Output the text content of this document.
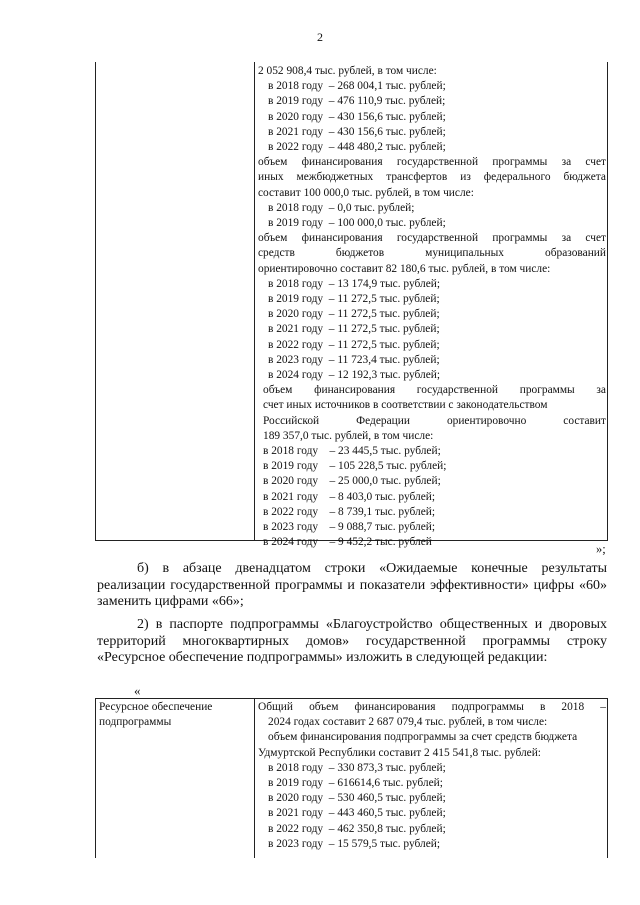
2
2 052 908,4 тыс. рублей, в том числе:
в 2018 году  – 268 004,1 тыс. рублей;
в 2019 году  – 476 110,9 тыс. рублей;
в 2020 году  – 430 156,6 тыс. рублей;
в 2021 году  – 430 156,6 тыс. рублей;
в 2022 году  – 448 480,2 тыс. рублей;
объем финансирования государственной программы за счет
иных межбюджетных трансфертов из федерального бюджета
составит 100 000,0 тыс. рублей, в том числе:
в 2018 году  – 0,0 тыс. рублей;
в 2019 году  – 100 000,0 тыс. рублей;
объем финансирования государственной программы за счет
средств бюджетов муниципальных образований
ориентировочно составит 82 180,6 тыс. рублей, в том числе:
в 2018 году  – 13 174,9 тыс. рублей;
в 2019 году  – 11 272,5 тыс. рублей;
в 2020 году  – 11 272,5 тыс. рублей;
в 2021 году  – 11 272,5 тыс. рублей;
в 2022 году  – 11 272,5 тыс. рублей;
в 2023 году  – 11 723,4 тыс. рублей;
в 2024 году  – 12 192,3 тыс. рублей;
объем финансирования государственной программы за
счет иных источников в соответствии с законодательством
Российской Федерации ориентировочно составит
189 357,0 тыс. рублей, в том числе:
в 2018 году    – 23 445,5 тыс. рублей;
в 2019 году    – 105 228,5 тыс. рублей;
в 2020 году    – 25 000,0 тыс. рублей;
в 2021 году    – 8 403,0 тыс. рублей;
в 2022 году    – 8 739,1 тыс. рублей;
в 2023 году    – 9 088,7 тыс. рублей;
в 2024 году    – 9 452,2 тыс. рублей	»;
б) в абзаце двенадцатом строки «Ожидаемые конечные результаты реализации государственной программы и показатели эффективности» цифры «60» заменить цифрами «66»;
2) в паспорте подпрограммы «Благоустройство общественных и дворовых территорий многоквартирных домов» государственной программы строку «Ресурсное обеспечение подпрограммы» изложить в следующей редакции:
«
Ресурсное обеспечение подпрограммы
Общий объем финансирования подпрограммы в 2018 –
2024 годах составит 2 687 079,4 тыс. рублей, в том числе:
объем финансирования подпрограммы за счет средств бюджета
Удмуртской Республики составит 2 415 541,8 тыс. рублей:
в 2018 году  – 330 873,3 тыс. рублей;
в 2019 году  – 616614,6 тыс. рублей;
в 2020 году  – 530 460,5 тыс. рублей;
в 2021 году  – 443 460,5 тыс. рублей;
в 2022 году  – 462 350,8 тыс. рублей;
в 2023 году  – 15 579,5 тыс. рублей;
